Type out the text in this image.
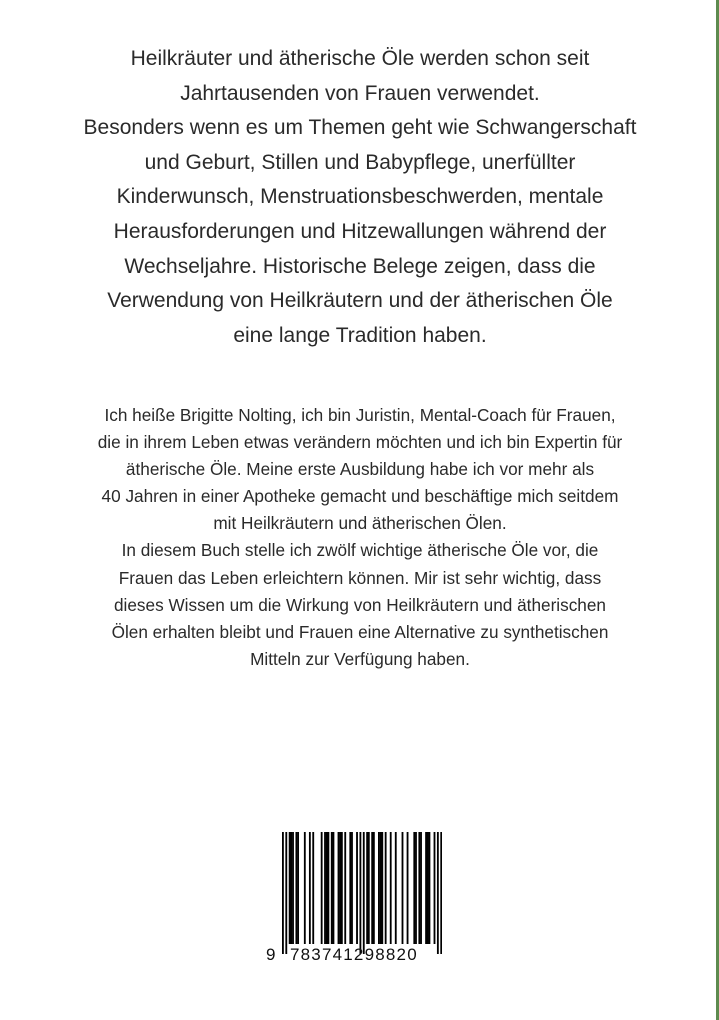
Heilkräuter und ätherische Öle werden schon seit
Jahrtausenden von Frauen verwendet.
Besonders wenn es um Themen geht wie Schwangerschaft
und Geburt, Stillen und Babypflege, unerfüllter
Kinderwunsch, Menstruationsbeschwerden, mentale
Herausforderungen und Hitzewallungen während der
Wechseljahre. Historische Belege zeigen, dass die
Verwendung von Heilkräutern und der ätherischen Öle
eine lange Tradition haben.
Ich heiße Brigitte Nolting, ich bin Juristin, Mental-Coach für Frauen,
die in ihrem Leben etwas verändern möchten und ich bin Expertin für
ätherische Öle. Meine erste Ausbildung habe ich vor mehr als
40 Jahren in einer Apotheke gemacht und beschäftige mich seitdem
mit Heilkräutern und ätherischen Ölen.
In diesem Buch stelle ich zwölf wichtige ätherische Öle vor, die
Frauen das Leben erleichtern können. Mir ist sehr wichtig, dass
dieses Wissen um die Wirkung von Heilkräutern und ätherischen
Ölen erhalten bleibt und Frauen eine Alternative zu synthetischen
Mitteln zur Verfügung haben.
9 783741298820
